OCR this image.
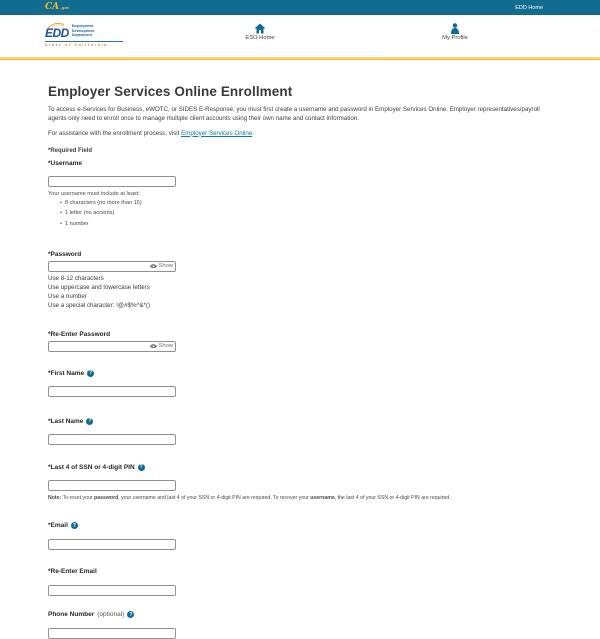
CA .gov	EDD Home
EDD
Employment
Development
Department
State of California
ESO Home	My Profile
Employer Services Online Enrollment

To access e-Services for Business, eWOTC, or SIDES E-Response, you must first create a username and password in Employer Services Online. Employer representatives/payroll agents only need to enroll once to manage multiple client accounts using their own name and contact information.

For assistance with the enrollment process, visit Employer Services Online.

*Required Field

*Username
Your username must include at least:
• 8 characters (no more than 15)
• 1 letter (no accents)
• 1 number
*Password
Show
Use 8-12 characters
Use uppercase and lowercase letters
Use a number
Use a special character: !@#$%^&*()
*Re-Enter Password
Show
*First Name ?
*Last Name ?
*Last 4 of SSN or 4-digit PIN ?
Note: To reset your password, your username and last 4 of your SSN or 4-digit PIN are required. To recover your username, the last 4 of your SSN or 4-digit PIN are required.
*Email ?
*Re-Enter Email
Phone Number (optional) ?
